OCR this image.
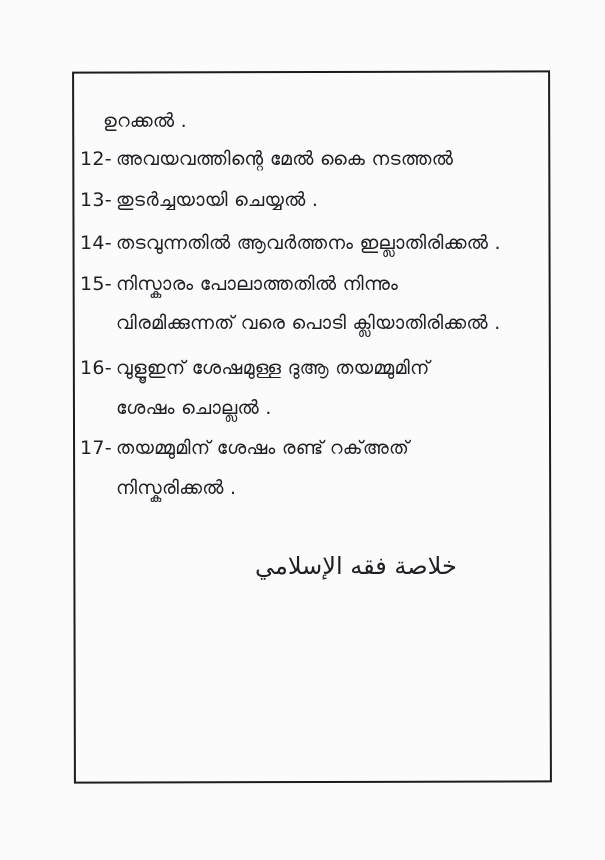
ഉറക്കൽ .
12- അവയവത്തിന്റെ മേൽ കൈ നടത്തൽ
13- തുടർച്ചയായി ചെയ്യൽ .
14- തടവുന്നതിൽ ആവർത്തനം ഇല്ലാതിരിക്കൽ .
15- നിസ്കാരം പോലാത്തതിൽ നിന്നും
വിരമിക്കുന്നത് വരെ പൊടി ക്ലിയാതിരിക്കൽ .
16- വുളൂഇന് ശേഷമുള്ള ദുആ തയമ്മുമിന്
ശേഷം ചൊല്ലൽ .
17- തയമ്മുമിന് ശേഷം രണ്ട് റക്അത്
നിസ്കരിക്കൽ .
خلاصة فقه الإسلامي
